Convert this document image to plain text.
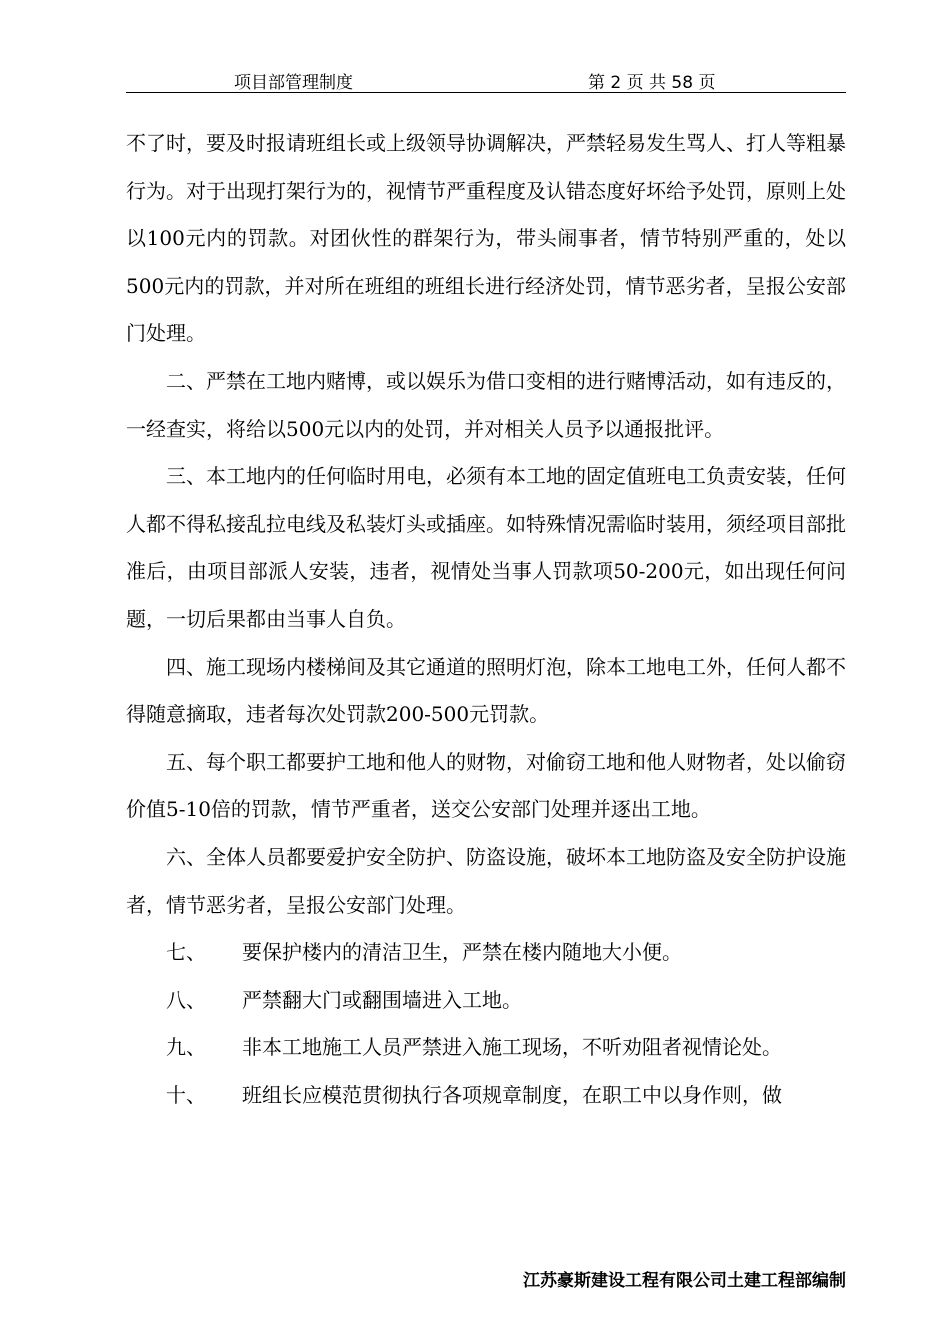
项目部管理制度	第 2 页 共 58 页

不了时，要及时报请班组长或上级领导协调解决，严禁轻易发生骂人、打人等粗暴行为。对于出现打架行为的，视情节严重程度及认错态度好坏给予处罚，原则上处以100元内的罚款。对团伙性的群架行为，带头闹事者，情节特别严重的，处以500元内的罚款，并对所在班组的班组长进行经济处罚，情节恶劣者，呈报公安部门处理。

二、严禁在工地内赌博，或以娱乐为借口变相的进行赌博活动，如有违反的，一经查实，将给以500元以内的处罚，并对相关人员予以通报批评。

三、本工地内的任何临时用电，必须有本工地的固定值班电工负责安装，任何人都不得私接乱拉电线及私装灯头或插座。如特殊情况需临时装用，须经项目部批准后，由项目部派人安装，违者，视情处当事人罚款项50-200元，如出现任何问题，一切后果都由当事人自负。

四、施工现场内楼梯间及其它通道的照明灯泡，除本工地电工外，任何人都不得随意摘取，违者每次处罚款200-500元罚款。

五、每个职工都要护工地和他人的财物，对偷窃工地和他人财物者，处以偷窃价值5-10倍的罚款，情节严重者，送交公安部门处理并逐出工地。

六、全体人员都要爱护安全防护、防盗设施，破坏本工地防盗及安全防护设施者，情节恶劣者，呈报公安部门处理。

七、 要保护楼内的清洁卫生，严禁在楼内随地大小便。
八、 严禁翻大门或翻围墙进入工地。
九、 非本工地施工人员严禁进入施工现场，不听劝阻者视情论处。
十、 班组长应模范贯彻执行各项规章制度，在职工中以身作则，做
江苏豪斯建设工程有限公司土建工程部编制
